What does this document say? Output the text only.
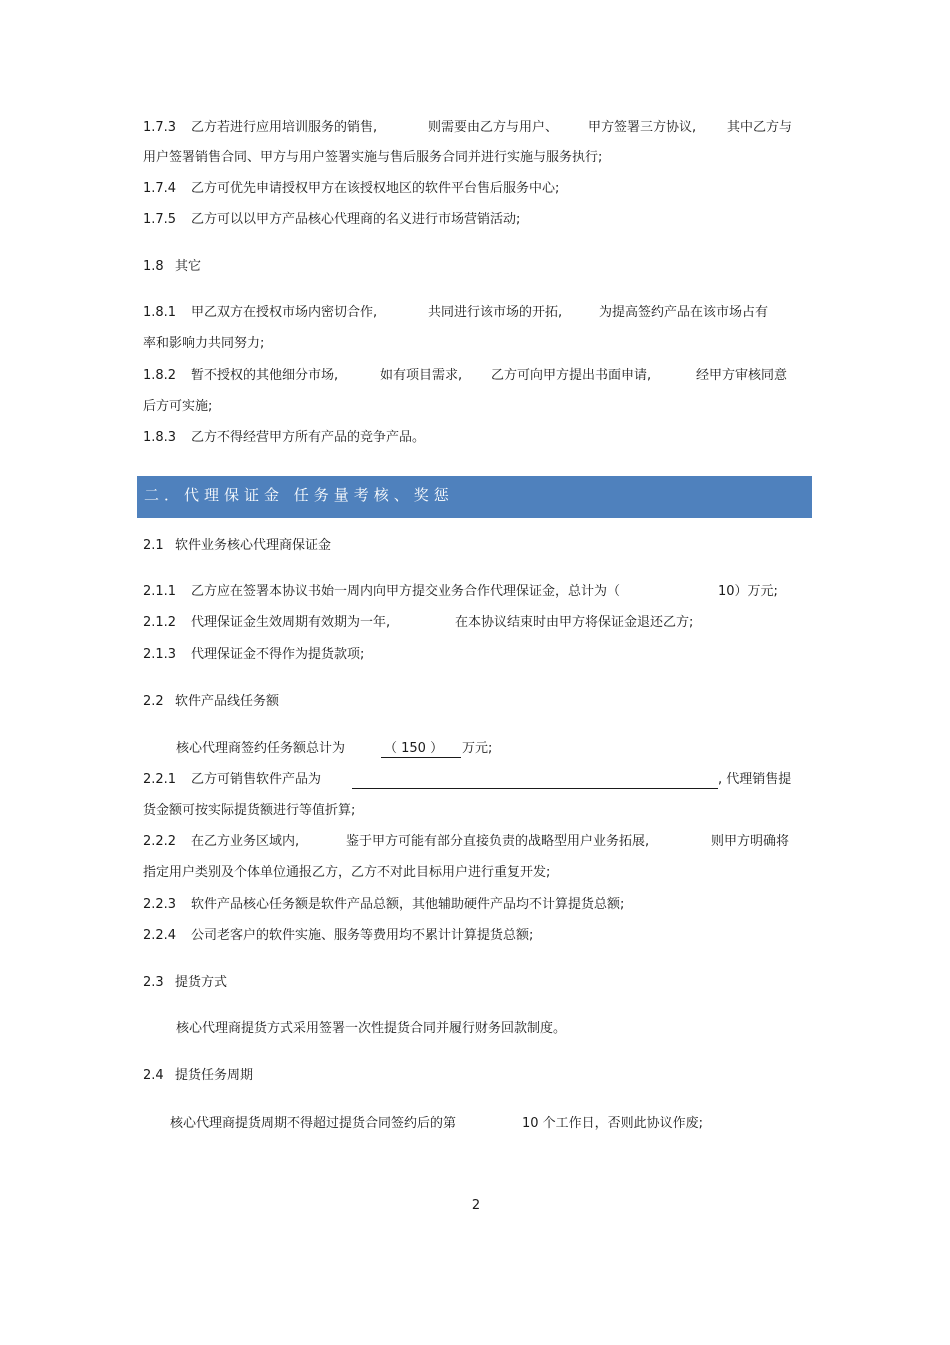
1.7.3 乙方若进行应用培训服务的销售,	则需要由乙方与用户、 甲方签署三方协议, 其中乙方与
用户签署销售合同、甲方与用户签署实施与售后服务合同并进行实施与服务执行;
1.7.4 乙方可优先申请授权甲方在该授权地区的软件平台售后服务中心;
1.7.5 乙方可以以甲方产品核心代理商的名义进行市场营销活动;
1.8 其它
1.8.1 甲乙双方在授权市场内密切合作,	共同进行该市场的开拓,	为提高签约产品在该市场占有
率和影响力共同努力;
1.8.2 暂不授权的其他细分市场,	如有项目需求, 乙方可向甲方提出书面申请,	经甲方审核同意
后方可实施;
1.8.3 乙方不得经营甲方所有产品的竞争产品。
二．代理保证金 任务量考核、奖惩
2.1 软件业务核心代理商保证金
2.1.1 乙方应在签署本协议书始一周内向甲方提交业务合作代理保证金，总计为（	10）万元;
2.1.2 代理保证金生效周期有效期为一年,	在本协议结束时由甲方将保证金退还乙方;
2.1.3 代理保证金不得作为提货款项;
2.2 软件产品线任务额
核心代理商签约任务额总计为	（ 150 ） 万元;
2.2.1 乙方可销售软件产品为	, 代理销售提
货金额可按实际提货额进行等值折算;
2.2.2 在乙方业务区域内,	鉴于甲方可能有部分直接负责的战略型用户业务拓展,	则甲方明确将
指定用户类别及个体单位通报乙方，乙方不对此目标用户进行重复开发;
2.2.3 软件产品核心任务额是软件产品总额，其他辅助硬件产品均不计算提货总额;
2.2.4 公司老客户的软件实施、服务等费用均不累计计算提货总额;
2.3 提货方式
核心代理商提货方式采用签署一次性提货合同并履行财务回款制度。
2.4 提货任务周期
核心代理商提货周期不得超过提货合同签约后的第	10 个工作日，否则此协议作废;
2
